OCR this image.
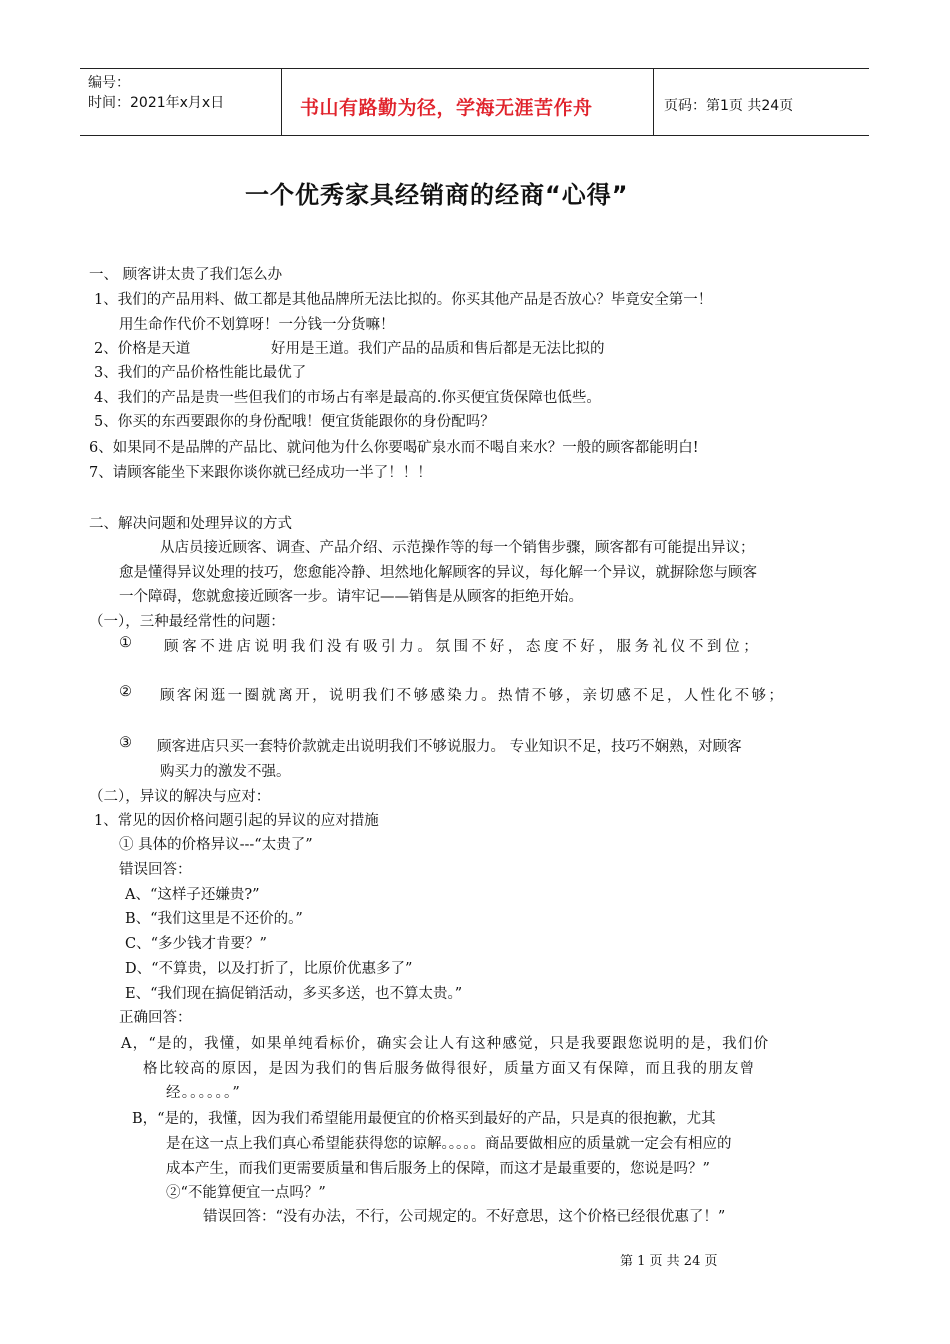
编号：
时间：2021年x月x日	书山有路勤为径，学海无涯苦作舟	页码：第1页 共24页
一个优秀家具经销商的经商“心得”
一、 顾客讲太贵了我们怎么办
1、我们的产品用料、做工都是其他品牌所无法比拟的。你买其他产品是否放心？毕竟安全第一！
用生命作代价不划算呀！一分钱一分货嘛！
2、价格是天道	好用是王道。我们产品的品质和售后都是无法比拟的
3、我们的产品价格性能比最优了
4、我们的产品是贵一些但我们的市场占有率是最高的.你买便宜货保障也低些。
5、你买的东西要跟你的身份配哦！便宜货能跟你的身份配吗？
6、如果同不是品牌的产品比、就问他为什么你要喝矿泉水而不喝自来水？一般的顾客都能明白!
7、请顾客能坐下来跟你谈你就已经成功一半了！！！
二、解决问题和处理异议的方式
从店员接近顾客、调查、产品介绍、示范操作等的每一个销售步骤，顾客都有可能提出异议；
愈是懂得异议处理的技巧，您愈能冷静、坦然地化解顾客的异议，每化解一个异议，就摒除您与顾客
一个障碍，您就愈接近顾客一步。请牢记——销售是从顾客的拒绝开始。
（一），三种最经常性的问题：
① 顾客不进店说明我们没有吸引力。氛围不好，态度不好，服务礼仪不到位；
② 顾客闲逛一圈就离开，说明我们不够感染力。热情不够，亲切感不足，人性化不够；
③ 顾客进店只买一套特价款就走出说明我们不够说服力。 专业知识不足，技巧不娴熟，对顾客
购买力的激发不强。
（二），异议的解决与应对：
1、常见的因价格问题引起的异议的应对措施
① 具体的价格异议---“太贵了”
错误回答：
A、“这样子还嫌贵?”
B、“我们这里是不还价的。”
C、“多少钱才肯要？”
D、“不算贵，以及打折了，比原价优惠多了”
E、“我们现在搞促销活动，多买多送，也不算太贵。”
正确回答：
A，“是的，我懂，如果单纯看标价，确实会让人有这种感觉，只是我要跟您说明的是，我们价
格比较高的原因，是因为我们的售后服务做得很好，质量方面又有保障，而且我的朋友曾
经。。。。。。”
B，“是的，我懂，因为我们希望能用最便宜的价格买到最好的产品，只是真的很抱歉，尤其
是在这一点上我们真心希望能获得您的谅解。。。。。商品要做相应的质量就一定会有相应的
成本产生，而我们更需要质量和售后服务上的保障，而这才是最重要的，您说是吗？”
②“不能算便宜一点吗？”
错误回答：“没有办法，不行，公司规定的。不好意思，这个价格已经很优惠了！”
第 1 页 共 24 页
